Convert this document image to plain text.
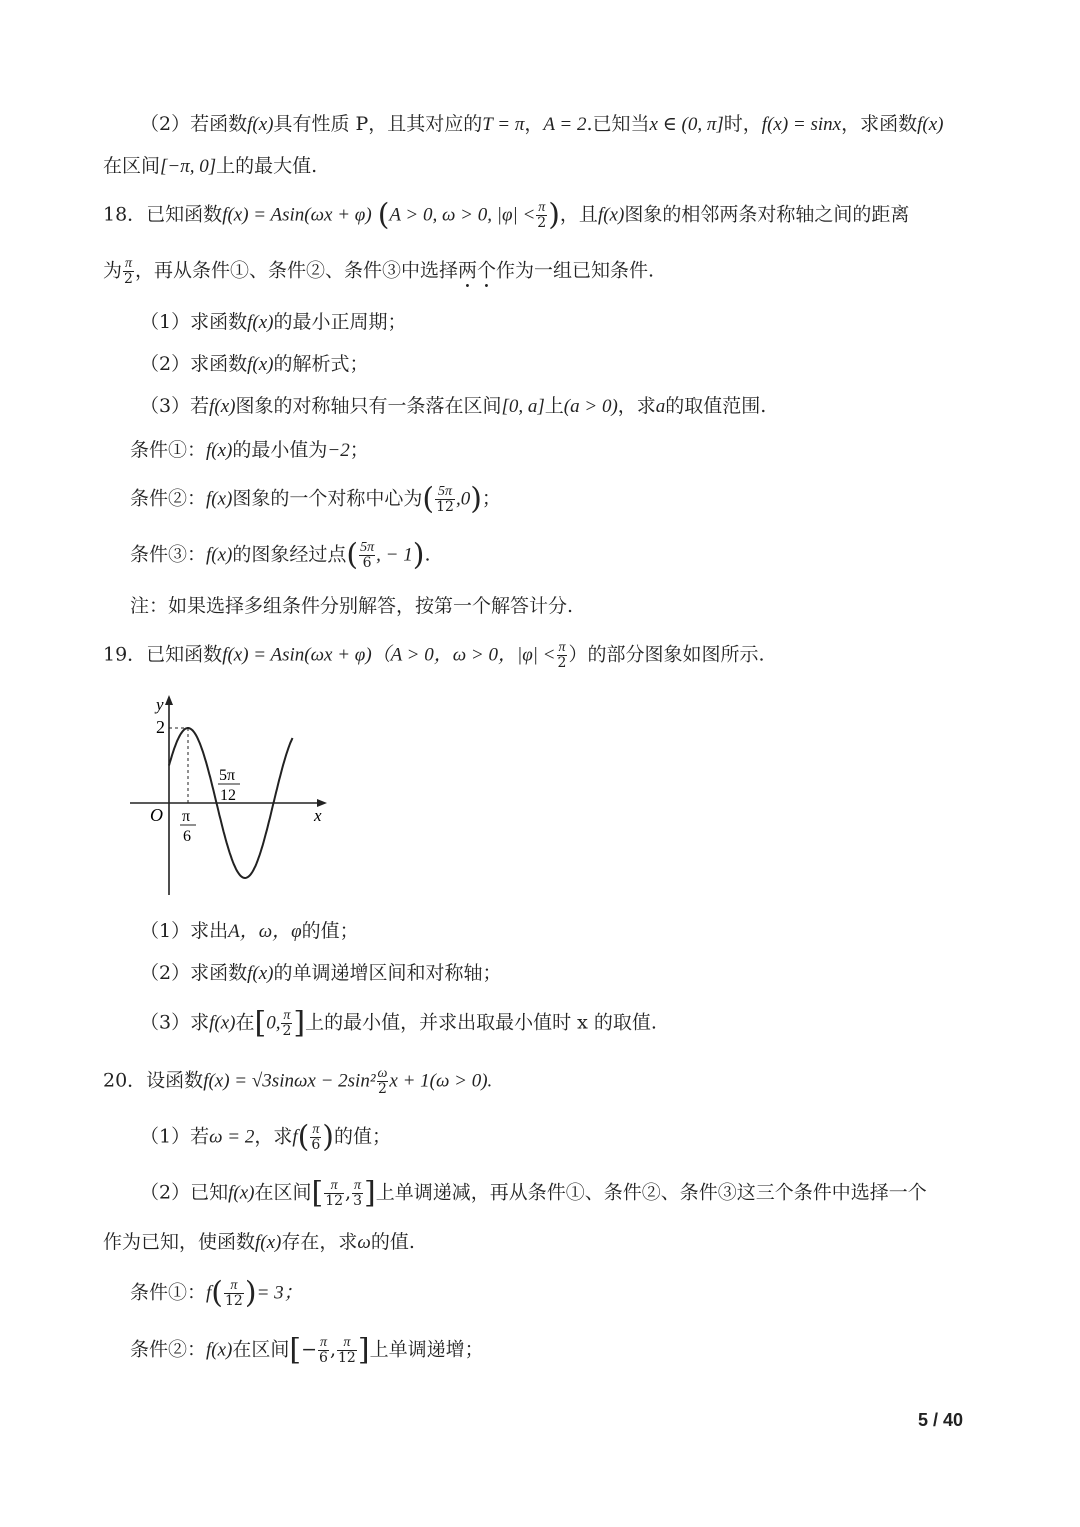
（2）若函数f(x)具有性质 P，且其对应的T = π，A = 2.已知当x ∈ (0, π]时，f(x) = sinx，求函数f(x)
在区间[−π, 0]上的最大值.
18．已知函数f(x) = Asin(ωx + φ) (A > 0, ω > 0, $|\varphi| < \frac{\pi}{2}$ )，且f(x)图象的相邻两条对称轴之间的距离
为 $\frac{\pi}{2}$ ，再从条件①、条件②、条件③中选择两个作为一组已知条件.
（1）求函数f(x)的最小正周期；
（2）求函数f(x)的解析式；
（3）若f(x)图象的对称轴只有一条落在区间[0, a]上(a > 0)，求a的取值范围.
条件①：f(x)的最小值为−2；
条件②：f(x)图象的一个对称中心为( $\frac{5\pi}{12} ,0$)；
条件③：f(x)的图象经过点( $\frac{5\pi}{6}$ , − 1).
注：如果选择多组条件分别解答，按第一个解答计分.
19．已知函数f(x) = Asin(ωx + φ)（A > 0，ω > 0，$|\varphi| < \frac{\pi}{2}$ ）的部分图象如图所示.
y
2
O	x
π
6
5π
12
（1）求出A，ω，φ的值；
（2）求函数f(x)的单调递增区间和对称轴；
（3）求f(x)在[0, $\frac{\pi}{2}$ ]上的最小值，并求出取最小值时 x 的取值.
20．设函数$f(x) = √3\sin\omega x - 2\sin^2 \frac{\omega}{2}$ x + 1(ω > 0).
（1）若ω = 2，求$f( \frac{\pi}{6}$ )的值；
（2）已知f(x)在区间[ $\frac{\pi}{12}$ , $\frac{\pi}{3}$ ]上单调递减，再从条件①、条件②、条件③这三个条件中选择一个
作为已知，使函数f(x)存在，求ω的值.
条件①：$f( \frac{\pi}{12}$ )= 3；
条件②：f(x)在区间[− $\frac{\pi}{6}$ , $\frac{\pi}{12}$ ]上单调递增；
5 / 40
